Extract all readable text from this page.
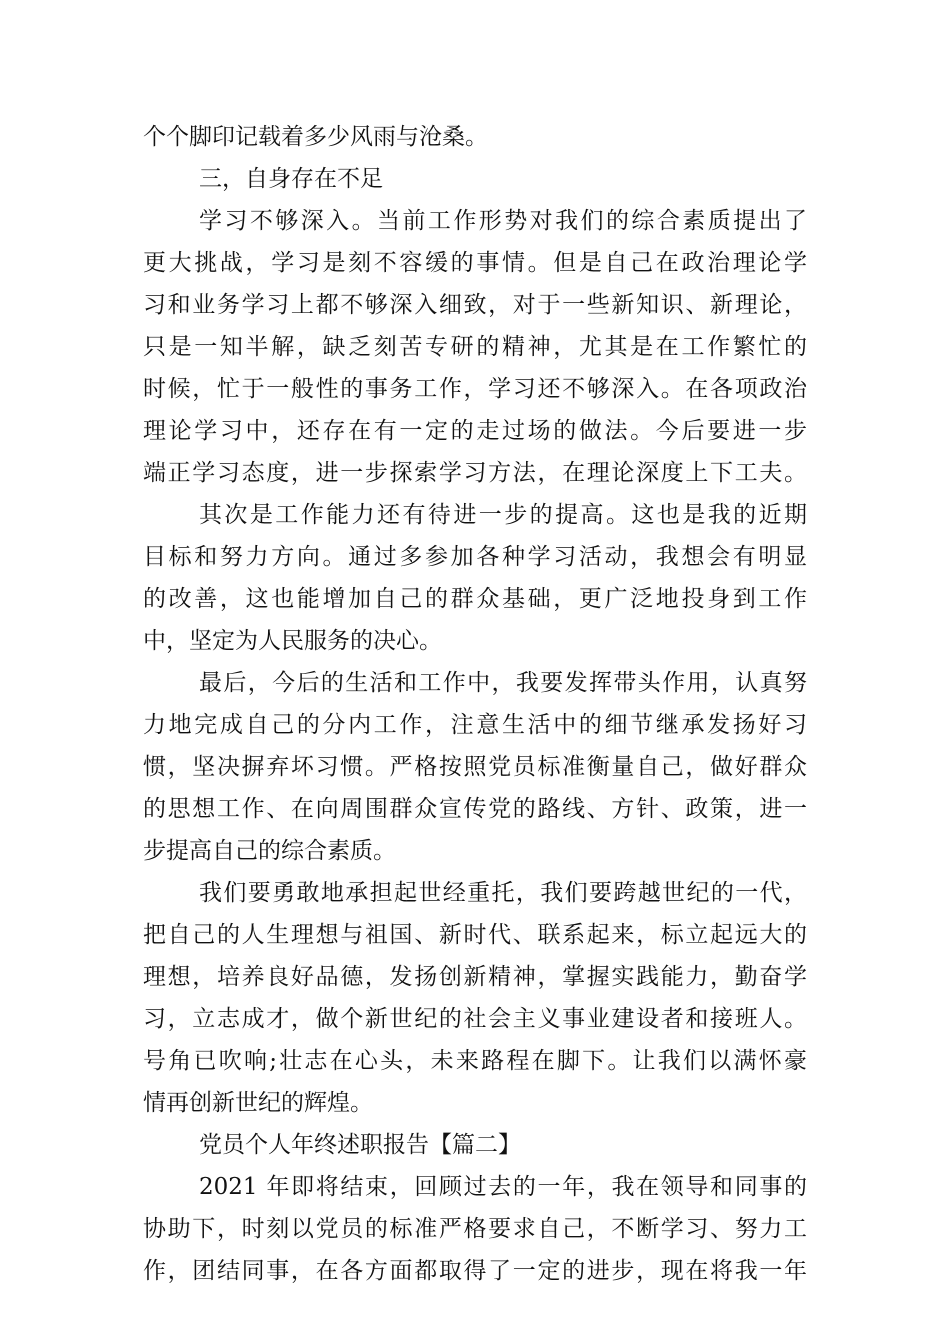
个个脚印记载着多少风雨与沧桑。
三，自身存在不足
学习不够深入。当前工作形势对我们的综合素质提出了
更大挑战，学习是刻不容缓的事情。但是自己在政治理论学
习和业务学习上都不够深入细致，对于一些新知识、新理论，
只是一知半解，缺乏刻苦专研的精神，尤其是在工作繁忙的
时候，忙于一般性的事务工作，学习还不够深入。在各项政治
理论学习中，还存在有一定的走过场的做法。今后要进一步
端正学习态度，进一步探索学习方法，在理论深度上下工夫。
其次是工作能力还有待进一步的提高。这也是我的近期
目标和努力方向。通过多参加各种学习活动，我想会有明显
的改善，这也能增加自己的群众基础，更广泛地投身到工作
中，坚定为人民服务的决心。
最后，今后的生活和工作中，我要发挥带头作用，认真努
力地完成自己的分内工作，注意生活中的细节继承发扬好习
惯，坚决摒弃坏习惯。严格按照党员标准衡量自己，做好群众
的思想工作、在向周围群众宣传党的路线、方针、政策，进一
步提高自己的综合素质。
我们要勇敢地承担起世经重托，我们要跨越世纪的一代，
把自己的人生理想与祖国、新时代、联系起来，标立起远大的
理想，培养良好品德，发扬创新精神，掌握实践能力，勤奋学
习，立志成才，做个新世纪的社会主义事业建设者和接班人。
号角已吹响;壮志在心头，未来路程在脚下。让我们以满怀豪
情再创新世纪的辉煌。
党员个人年终述职报告【篇二】
2021 年即将结束，回顾过去的一年，我在领导和同事的
协助下，时刻以党员的标准严格要求自己，不断学习、努力工
作，团结同事，在各方面都取得了一定的进步，现在将我一年
